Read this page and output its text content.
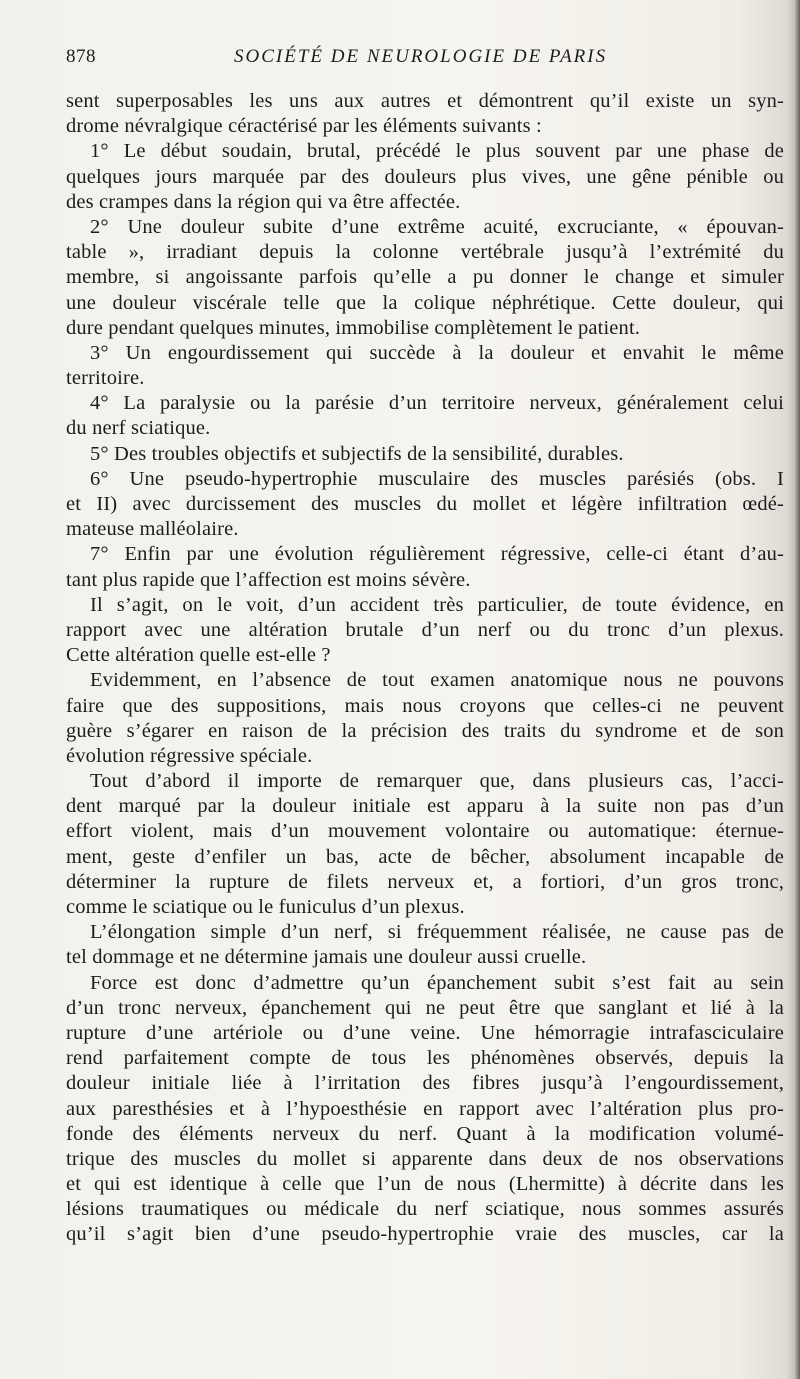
878	SOCIÉTÉ DE NEUROLOGIE DE PARIS
sent superposables les uns aux autres et démontrent qu’il existe un syn-
drome névralgique céractérisé par les éléments suivants :
1° Le début soudain, brutal, précédé le plus souvent par une phase de
quelques jours marquée par des douleurs plus vives, une gêne pénible ou
des crampes dans la région qui va être affectée.
2° Une douleur subite d’une extrême acuité, excruciante, « épouvan-
table », irradiant depuis la colonne vertébrale jusqu’à l’extrémité du
membre, si angoissante parfois qu’elle a pu donner le change et simuler
une douleur viscérale telle que la colique néphrétique. Cette douleur, qui
dure pendant quelques minutes, immobilise complètement le patient.
3° Un engourdissement qui succède à la douleur et envahit le même
territoire.
4° La paralysie ou la parésie d’un territoire nerveux, généralement celui
du nerf sciatique.
5° Des troubles objectifs et subjectifs de la sensibilité, durables.
6° Une pseudo-hypertrophie musculaire des muscles parésiés (obs. I
et II) avec durcissement des muscles du mollet et légère infiltration œdé-
mateuse malléolaire.
7° Enfin par une évolution régulièrement régressive, celle-ci étant d’au-
tant plus rapide que l’affection est moins sévère.
Il s’agit, on le voit, d’un accident très particulier, de toute évidence, en
rapport avec une altération brutale d’un nerf ou du tronc d’un plexus.
Cette altération quelle est-elle ?
Evidemment, en l’absence de tout examen anatomique nous ne pouvons
faire que des suppositions, mais nous croyons que celles-ci ne peuvent
guère s’égarer en raison de la précision des traits du syndrome et de son
évolution régressive spéciale.
Tout d’abord il importe de remarquer que, dans plusieurs cas, l’acci-
dent marqué par la douleur initiale est apparu à la suite non pas d’un
effort violent, mais d’un mouvement volontaire ou automatique: éternue-
ment, geste d’enfiler un bas, acte de bêcher, absolument incapable de
déterminer la rupture de filets nerveux et, a fortiori, d’un gros tronc,
comme le sciatique ou le funiculus d’un plexus.
L’élongation simple d’un nerf, si fréquemment réalisée, ne cause pas de
tel dommage et ne détermine jamais une douleur aussi cruelle.
Force est donc d’admettre qu’un épanchement subit s’est fait au sein
d’un tronc nerveux, épanchement qui ne peut être que sanglant et lié à la
rupture d’une artériole ou d’une veine. Une hémorragie intrafasciculaire
rend parfaitement compte de tous les phénomènes observés, depuis la
douleur initiale liée à l’irritation des fibres jusqu’à l’engourdissement,
aux paresthésies et à l’hypoesthésie en rapport avec l’altération plus pro-
fonde des éléments nerveux du nerf. Quant à la modification volumé-
trique des muscles du mollet si apparente dans deux de nos observations
et qui est identique à celle que l’un de nous (Lhermitte) à décrite dans les
lésions traumatiques ou médicale du nerf sciatique, nous sommes assurés
qu’il s’agit bien d’une pseudo-hypertrophie vraie des muscles, car la
